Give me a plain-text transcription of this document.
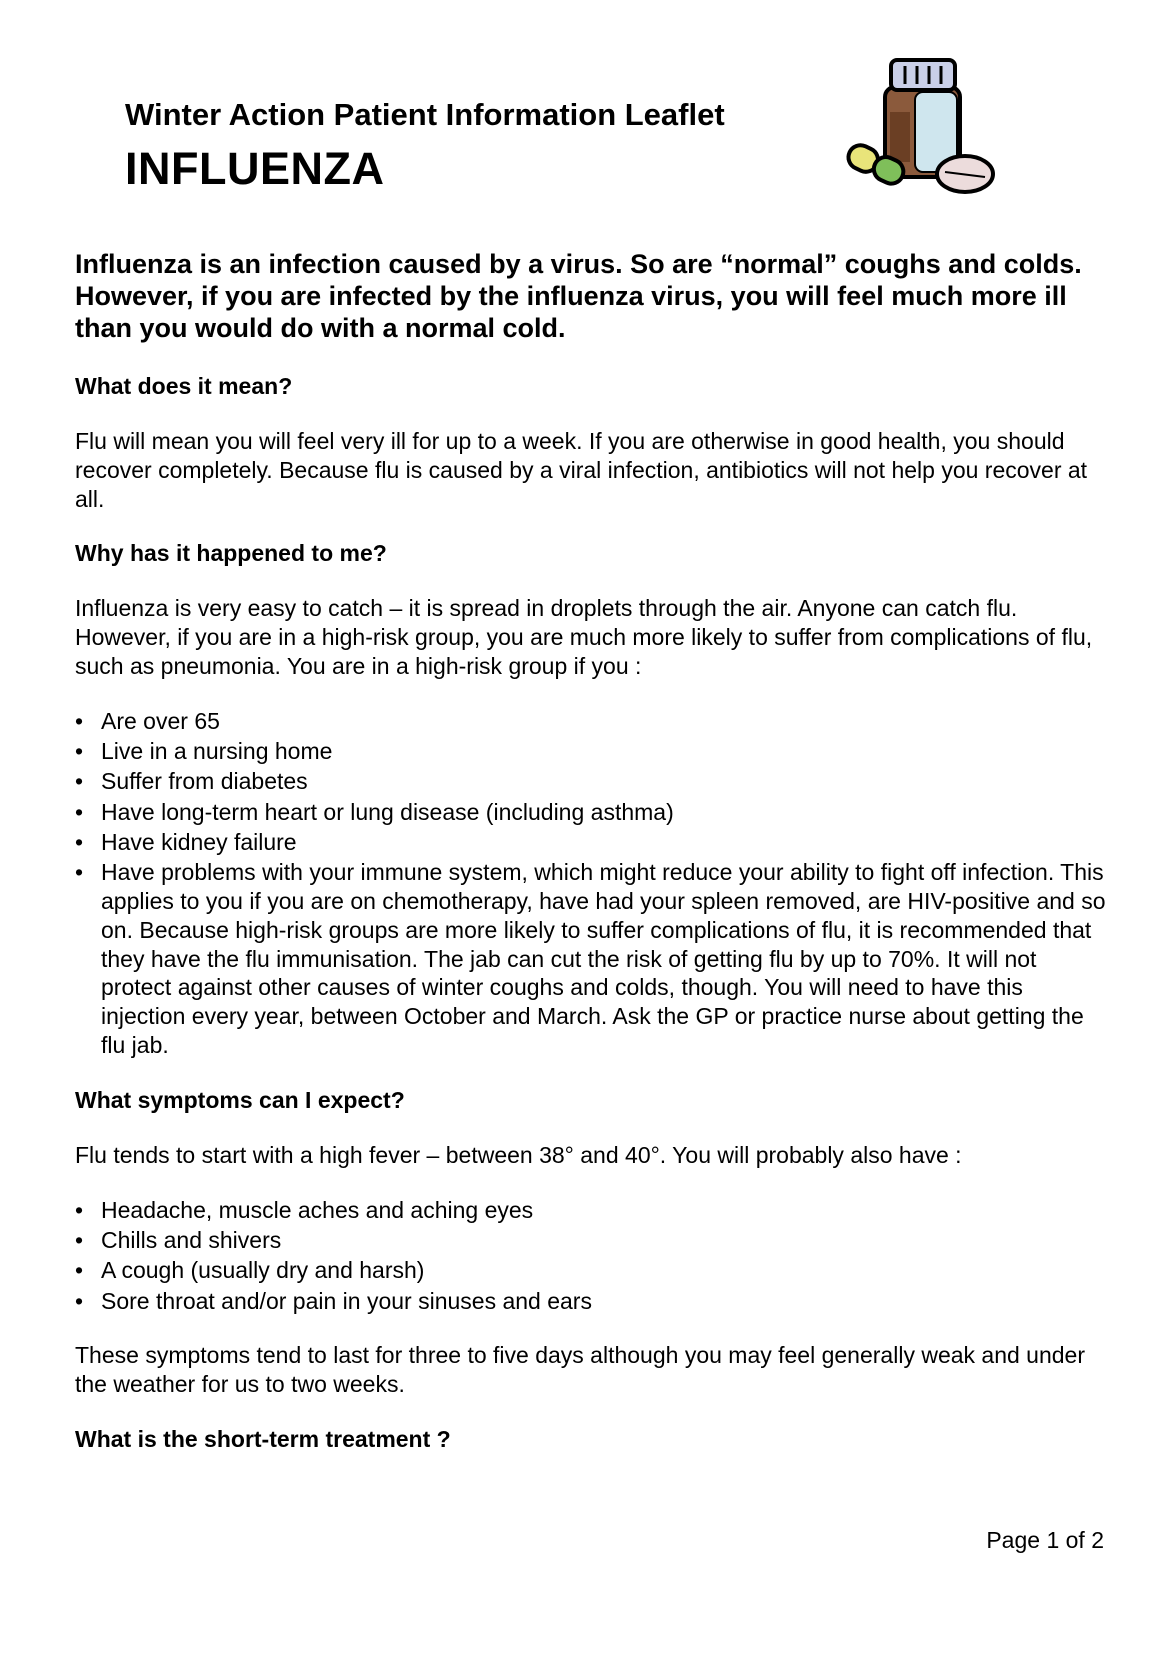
Winter Action Patient Information Leaflet
INFLUENZA
Influenza is an infection caused by a virus. So are “normal” coughs and colds. However, if you are infected by the influenza virus, you will feel much more ill than you would do with a normal cold.
What does it mean?

Flu will mean you will feel very ill for up to a week. If you are otherwise in good health, you should recover completely. Because flu is caused by a viral infection, antibiotics will not help you recover at all.

Why has it happened to me?

Influenza is very easy to catch – it is spread in droplets through the air. Anyone can catch flu. However, if you are in a high-risk group, you are much more likely to suffer from complications of flu, such as pneumonia. You are in a high-risk group if you :

• Are over 65
• Live in a nursing home
• Suffer from diabetes
• Have long-term heart or lung disease (including asthma)
• Have kidney failure
• Have problems with your immune system, which might reduce your ability to fight off infection. This applies to you if you are on chemotherapy, have had your spleen removed, are HIV-positive and so on. Because high-risk groups are more likely to suffer complications of flu, it is recommended that they have the flu immunisation. The jab can cut the risk of getting flu by up to 70%. It will not protect against other causes of winter coughs and colds, though. You will need to have this injection every year, between October and March. Ask the GP or practice nurse about getting the flu jab.
What symptoms can I expect?

Flu tends to start with a high fever – between 38° and 40°. You will probably also have :

• Headache, muscle aches and aching eyes
• Chills and shivers
• A cough (usually dry and harsh)
• Sore throat and/or pain in your sinuses and ears

These symptoms tend to last for three to five days although you may feel generally weak and under the weather for us to two weeks.

What is the short-term treatment ?
Page 1 of 2
